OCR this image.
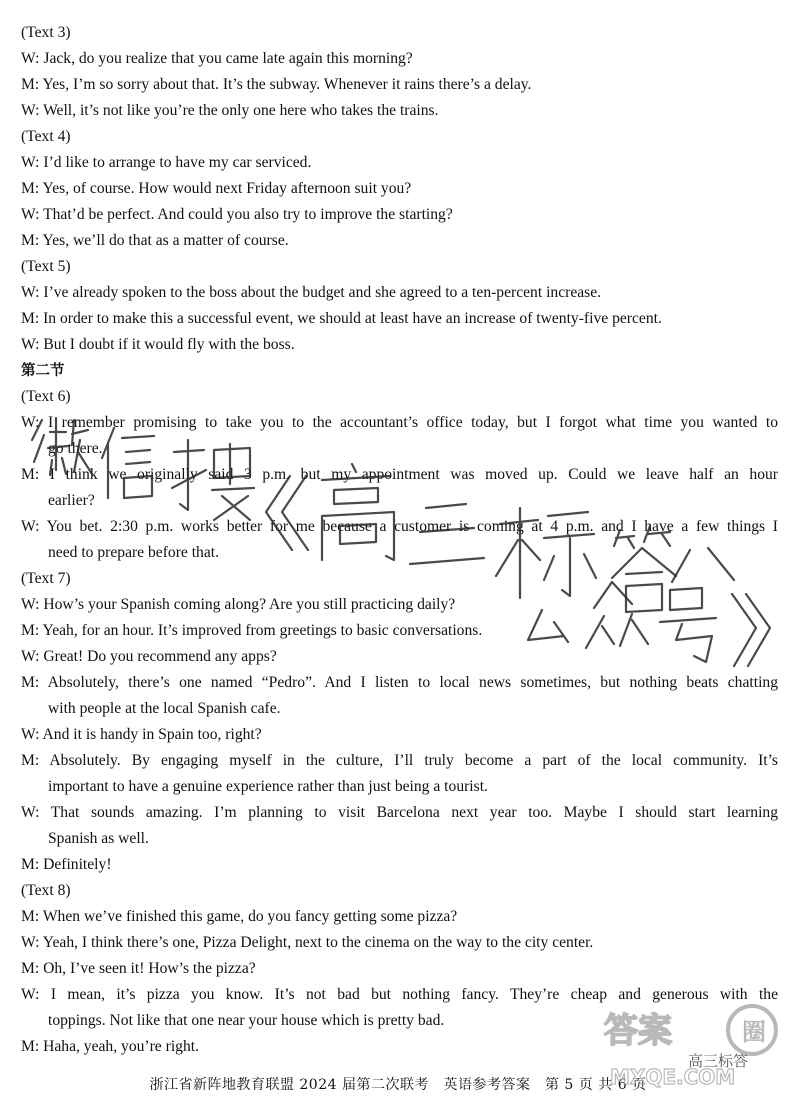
(Text 3)
W: Jack, do you realize that you came late again this morning?
M: Yes, I’m so sorry about that. It’s the subway. Whenever it rains there’s a delay.
W: Well, it’s not like you’re the only one here who takes the trains.
(Text 4)
W: I’d like to arrange to have my car serviced.
M: Yes, of course. How would next Friday afternoon suit you?
W: That’d be perfect. And could you also try to improve the starting?
M: Yes, we’ll do that as a matter of course.
(Text 5)
W: I’ve already spoken to the boss about the budget and she agreed to a ten-percent increase.
M: In order to make this a successful event, we should at least have an increase of twenty-five percent.
W: But I doubt if it would fly with the boss.
第二节
(Text 6)
W: I remember promising to take you to the accountant’s office today, but I forgot what time you wanted to
go there.
M: I think we originally said 3 p.m. but my appointment was moved up. Could we leave half an hour
earlier?
W: You bet. 2:30 p.m. works better for me because a customer is coming at 4 p.m. and I have a few things I
need to prepare before that.
(Text 7)
W: How’s your Spanish coming along? Are you still practicing daily?
M: Yeah, for an hour. It’s improved from greetings to basic conversations.
W: Great! Do you recommend any apps?
M: Absolutely, there’s one named “Pedro”. And I listen to local news sometimes, but nothing beats chatting
with people at the local Spanish cafe.
W: And it is handy in Spain too, right?
M: Absolutely. By engaging myself in the culture, I’ll truly become a part of the local community. It’s
important to have a genuine experience rather than just being a tourist.
W: That sounds amazing. I’m planning to visit Barcelona next year too. Maybe I should start learning
Spanish as well.
M: Definitely!
(Text 8)
M: When we’ve finished this game, do you fancy getting some pizza?
W: Yeah, I think there’s one, Pizza Delight, next to the cinema on the way to the city center.
M: Oh, I’ve seen it! How’s the pizza?
W: I mean, it’s pizza you know. It’s not bad but nothing fancy. They’re cheap and generous with the
toppings. Not like that one near your house which is pretty bad.
M: Haha, yeah, you’re right.
浙江省新阵地教育联盟 2024 届第二次联考　英语参考答案　第 5 页 共 6 页
答案	圈
高三标答
MXQE.COM
